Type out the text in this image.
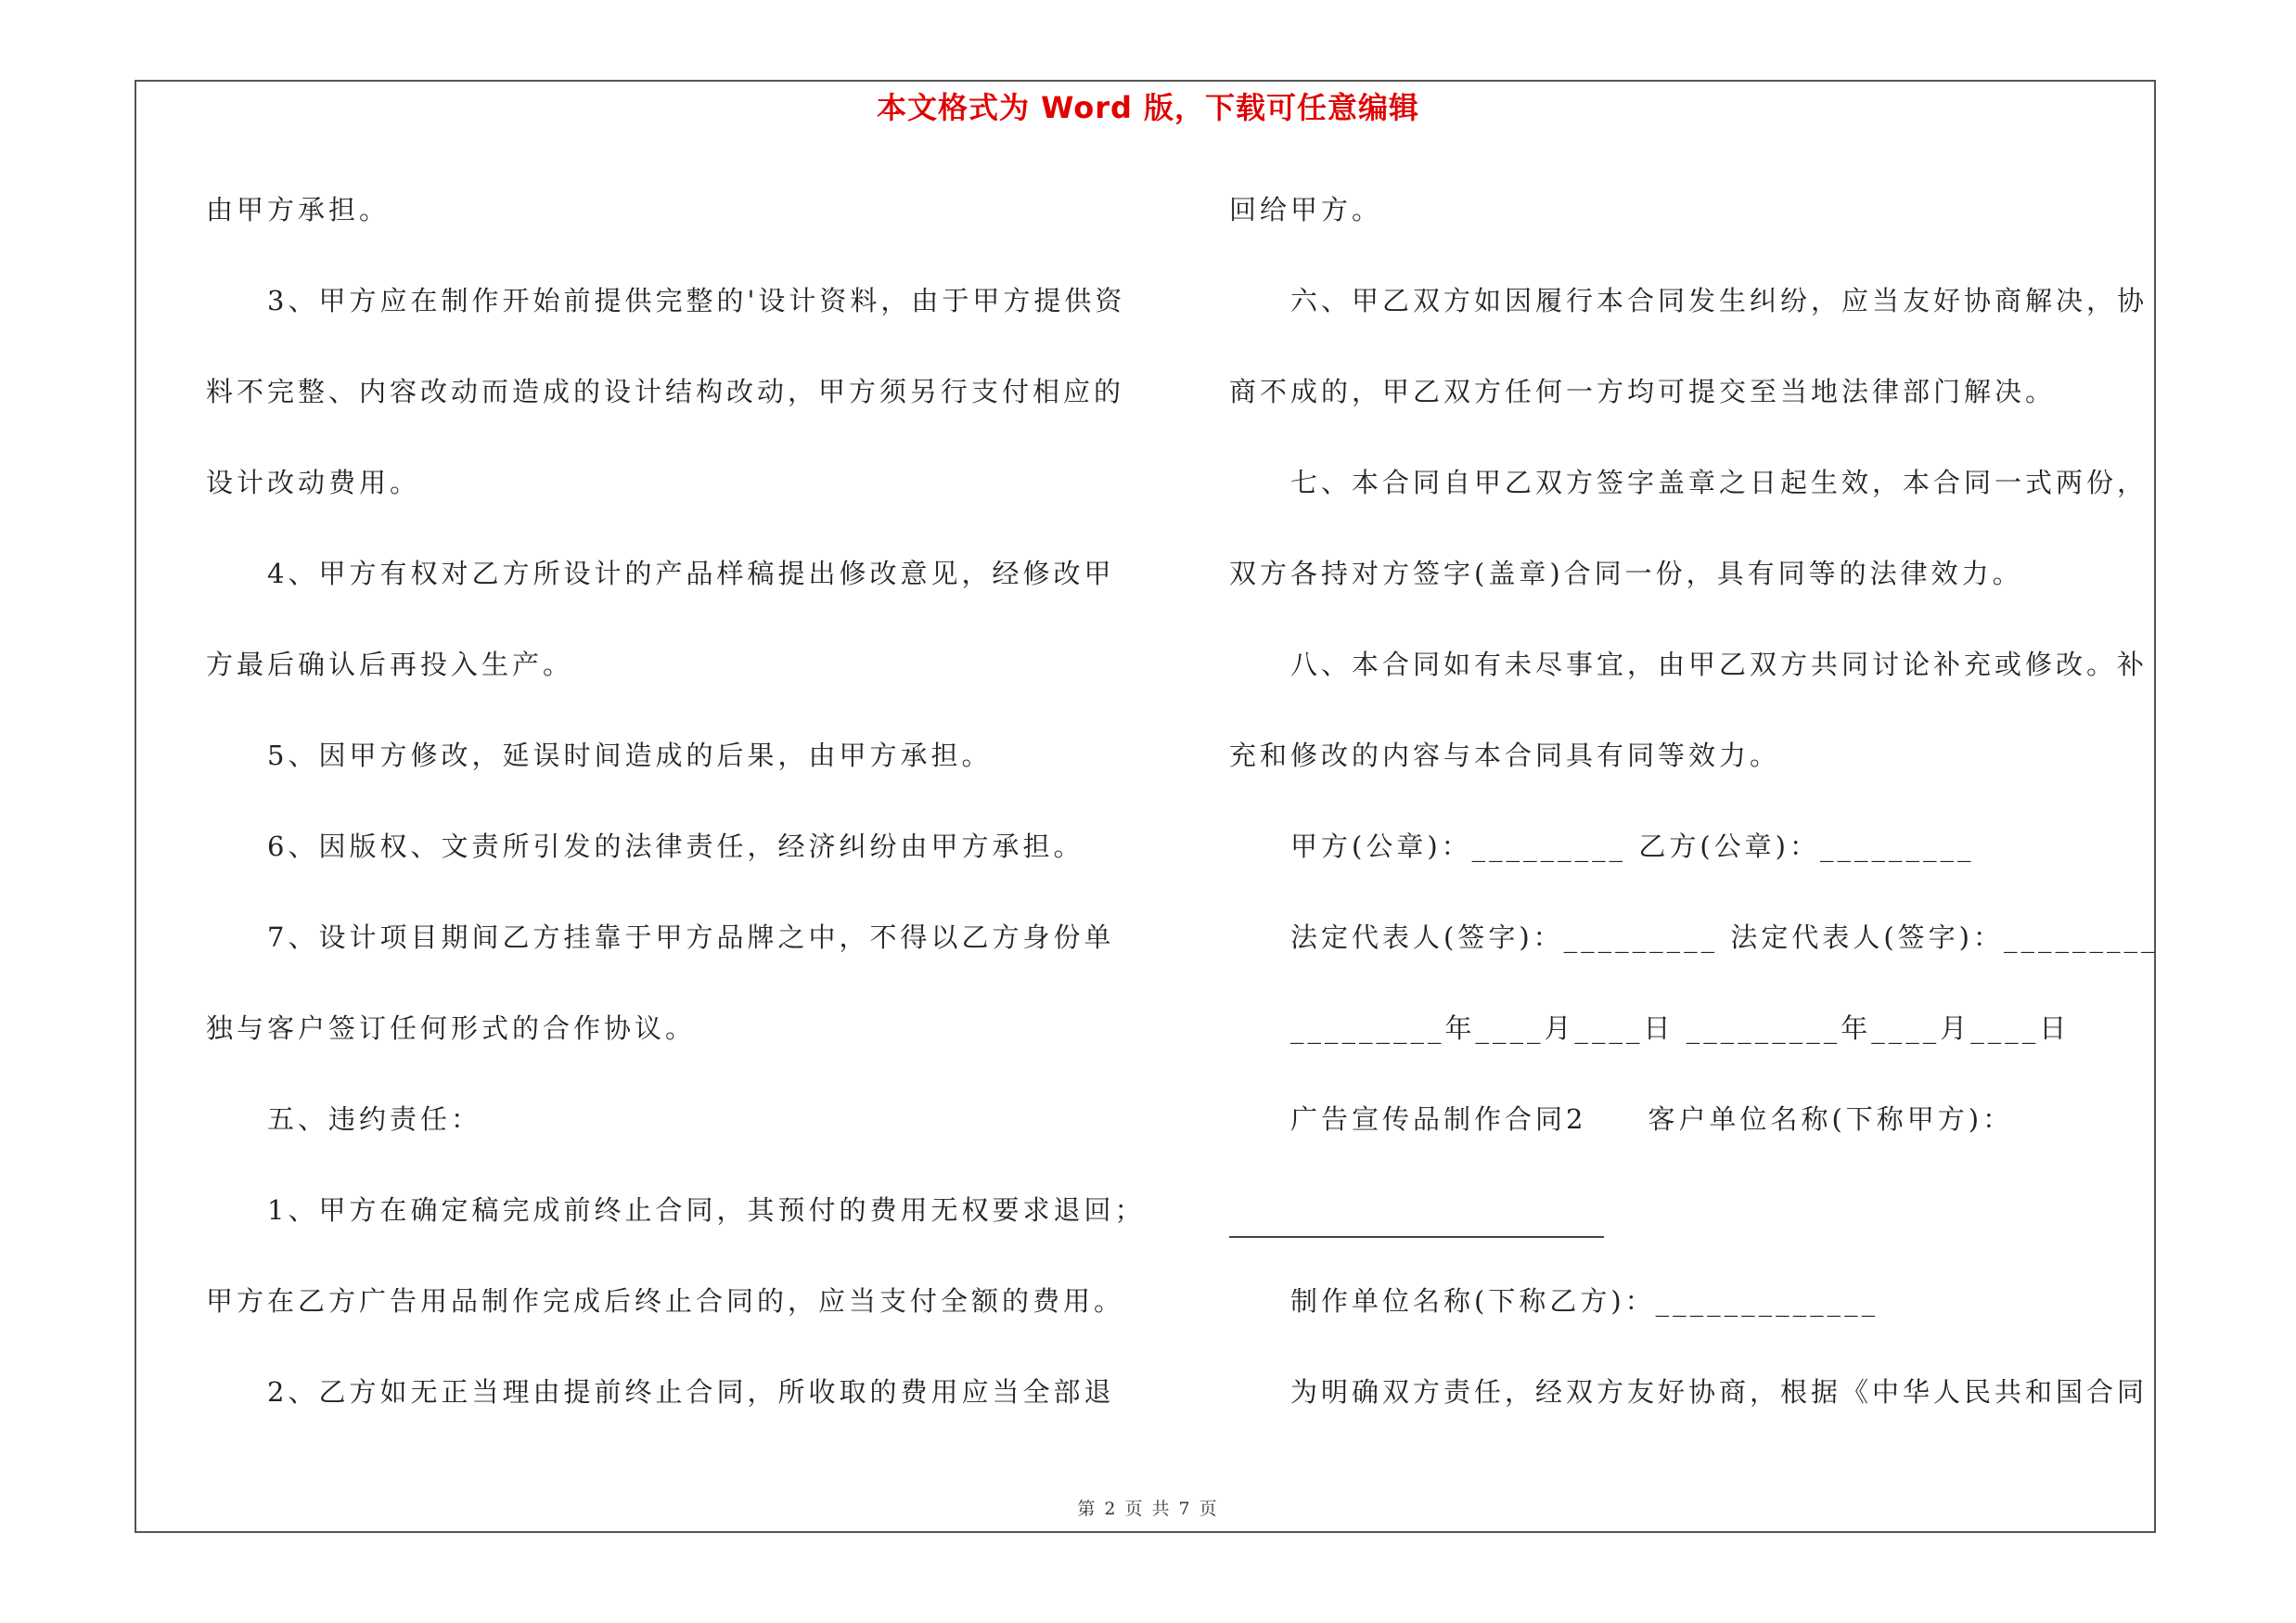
本文格式为 Word 版，下载可任意编辑
由甲方承担。
3、甲方应在制作开始前提供完整的'设计资料，由于甲方提供资
料不完整、内容改动而造成的设计结构改动，甲方须另行支付相应的
设计改动费用。
4、甲方有权对乙方所设计的产品样稿提出修改意见，经修改甲
方最后确认后再投入生产。
5、因甲方修改，延误时间造成的后果，由甲方承担。
6、因版权、文责所引发的法律责任，经济纠纷由甲方承担。
7、设计项目期间乙方挂靠于甲方品牌之中，不得以乙方身份单
独与客户签订任何形式的合作协议。
五、违约责任：
1、甲方在确定稿完成前终止合同，其预付的费用无权要求退回；
甲方在乙方广告用品制作完成后终止合同的，应当支付全额的费用。
2、乙方如无正当理由提前终止合同，所收取的费用应当全部退
回给甲方。
六、甲乙双方如因履行本合同发生纠纷，应当友好协商解决，协
商不成的，甲乙双方任何一方均可提交至当地法律部门解决。
七、本合同自甲乙双方签字盖章之日起生效，本合同一式两份，
双方各持对方签字(盖章)合同一份，具有同等的法律效力。
八、本合同如有未尽事宜，由甲乙双方共同讨论补充或修改。补
充和修改的内容与本合同具有同等效力。
甲方(公章)：_________ 乙方(公章)：_________
法定代表人(签字)：_________ 法定代表人(签字)：_________
_________年____月____日 _________年____月____日
广告宣传品制作合同2　　客户单位名称(下称甲方)：
制作单位名称(下称乙方)：_____________
为明确双方责任，经双方友好协商，根据《中华人民共和国合同
第 2 页 共 7 页
